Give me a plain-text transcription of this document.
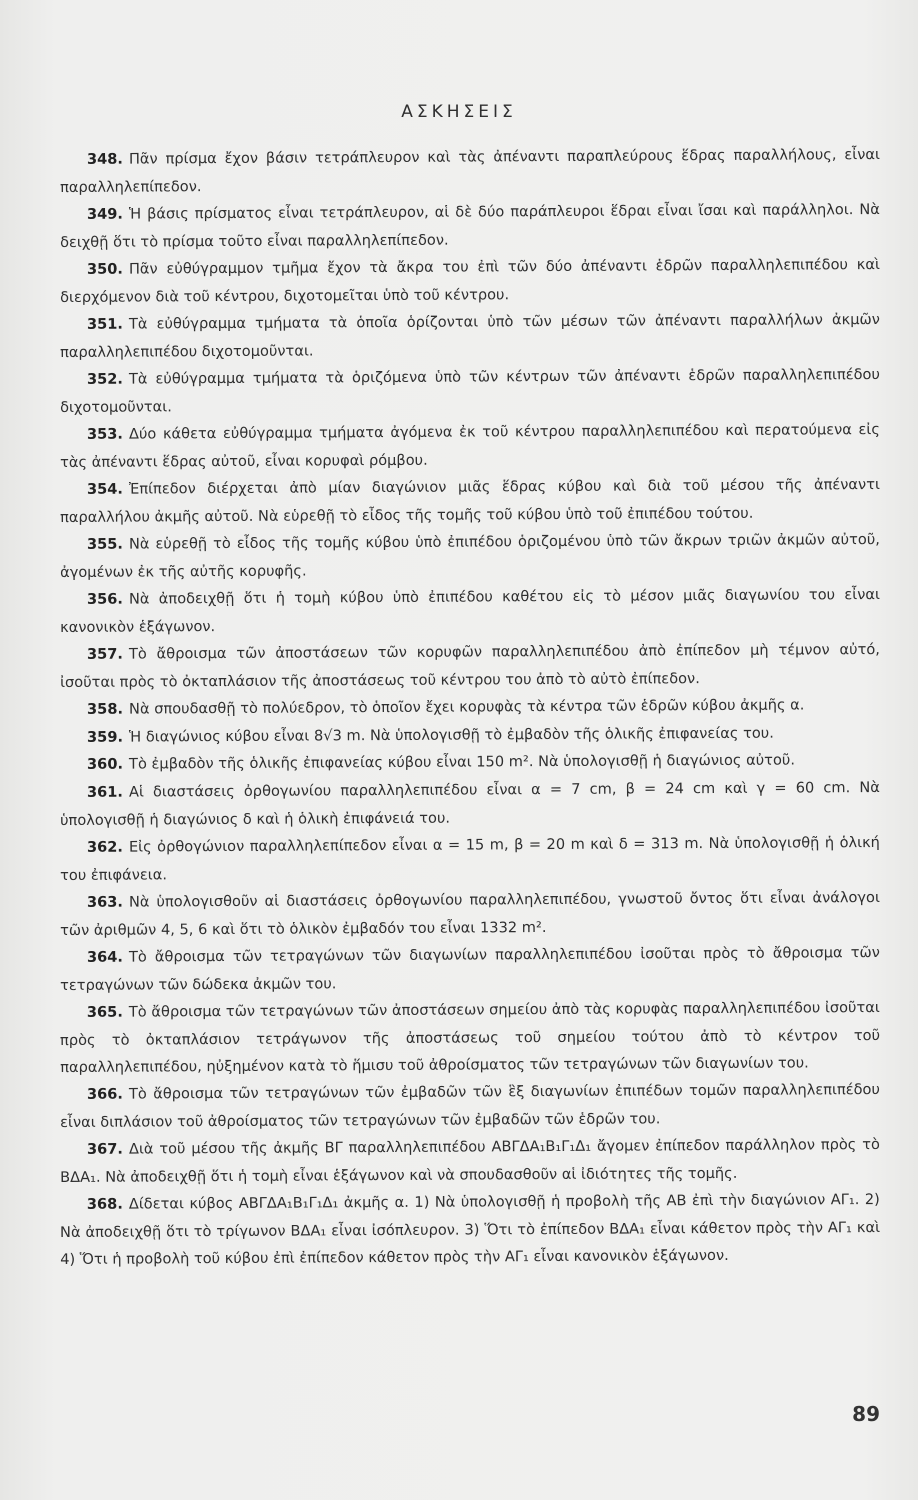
ΑΣΚΗΣΕΙΣ

348. Πᾶν πρίσμα ἔχον βάσιν τετράπλευρον καὶ τὰς ἀπέναντι παραπλεύρους ἕδρας παραλλήλους, εἶναι παραλληλεπίπεδον.

349. Ἡ βάσις πρίσματος εἶναι τετράπλευρον, αἱ δὲ δύο παράπλευροι ἕδραι εἶναι ἴσαι καὶ παράλληλοι. Νὰ δειχθῇ ὅτι τὸ πρίσμα τοῦτο εἶναι παραλληλεπίπεδον.

350. Πᾶν εὐθύγραμμον τμῆμα ἔχον τὰ ἄκρα του ἐπὶ τῶν δύο ἀπέναντι ἑδρῶν παραλληλεπιπέδου καὶ διερχόμενον διὰ τοῦ κέντρου, διχοτομεῖται ὑπὸ τοῦ κέντρου.

351. Τὰ εὐθύγραμμα τμήματα τὰ ὁποῖα ὁρίζονται ὑπὸ τῶν μέσων τῶν ἀπέναντι παραλλήλων ἀκμῶν παραλληλεπιπέδου διχοτομοῦνται.

352. Τὰ εὐθύγραμμα τμήματα τὰ ὁριζόμενα ὑπὸ τῶν κέντρων τῶν ἀπέναντι ἑδρῶν παραλληλεπιπέδου διχοτομοῦνται.

353. Δύο κάθετα εὐθύγραμμα τμήματα ἀγόμενα ἐκ τοῦ κέντρου παραλληλεπιπέδου καὶ περατούμενα εἰς τὰς ἀπέναντι ἕδρας αὐτοῦ, εἶναι κορυφαὶ ρόμβου.

354. Ἐπίπεδον διέρχεται ἀπὸ μίαν διαγώνιον μιᾶς ἕδρας κύβου καὶ διὰ τοῦ μέσου τῆς ἀπέναντι παραλλήλου ἀκμῆς αὐτοῦ. Νὰ εὑρεθῇ τὸ εἶδος τῆς τομῆς τοῦ κύβου ὑπὸ τοῦ ἐπιπέδου τούτου.

355. Νὰ εὑρεθῇ τὸ εἶδος τῆς τομῆς κύβου ὑπὸ ἐπιπέδου ὁριζομένου ὑπὸ τῶν ἄκρων τριῶν ἀκμῶν αὐτοῦ, ἀγομένων ἐκ τῆς αὐτῆς κορυφῆς.

356. Νὰ ἀποδειχθῇ ὅτι ἡ τομὴ κύβου ὑπὸ ἐπιπέδου καθέτου εἰς τὸ μέσον μιᾶς διαγωνίου του εἶναι κανονικὸν ἑξάγωνον.

357. Τὸ ἄθροισμα τῶν ἀποστάσεων τῶν κορυφῶν παραλληλεπιπέδου ἀπὸ ἐπίπεδον μὴ τέμνον αὐτό, ἰσοῦται πρὸς τὸ ὀκταπλάσιον τῆς ἀποστάσεως τοῦ κέντρου του ἀπὸ τὸ αὐτὸ ἐπίπεδον.

358. Νὰ σπουδασθῇ τὸ πολύεδρον, τὸ ὁποῖον ἔχει κορυφὰς τὰ κέντρα τῶν ἑδρῶν κύβου ἀκμῆς α.

359. Ἡ διαγώνιος κύβου εἶναι 8√3 m. Νὰ ὑπολογισθῇ τὸ ἐμβαδὸν τῆς ὁλικῆς ἐπιφανείας του.

360. Τὸ ἐμβαδὸν τῆς ὁλικῆς ἐπιφανείας κύβου εἶναι 150 m². Νὰ ὑπολογισθῇ ἡ διαγώνιος αὐτοῦ.

361. Αἱ διαστάσεις ὀρθογωνίου παραλληλεπιπέδου εἶναι α = 7 cm, β = 24 cm καὶ γ = 60 cm. Νὰ ὑπολογισθῇ ἡ διαγώνιος δ καὶ ἡ ὁλικὴ ἐπιφάνειά του.

362. Εἰς ὀρθογώνιον παραλληλεπίπεδον εἶναι α = 15 m, β = 20 m καὶ δ = 313 m. Νὰ ὑπολογισθῇ ἡ ὁλική του ἐπιφάνεια.

363. Νὰ ὑπολογισθοῦν αἱ διαστάσεις ὀρθογωνίου παραλληλεπιπέδου, γνωστοῦ ὄντος ὅτι εἶναι ἀνάλογοι τῶν ἀριθμῶν 4, 5, 6 καὶ ὅτι τὸ ὁλικὸν ἐμβαδόν του εἶναι 1332 m².

364. Τὸ ἄθροισμα τῶν τετραγώνων τῶν διαγωνίων παραλληλεπιπέδου ἰσοῦται πρὸς τὸ ἄθροισμα τῶν τετραγώνων τῶν δώδεκα ἀκμῶν του.

365. Τὸ ἄθροισμα τῶν τετραγώνων τῶν ἀποστάσεων σημείου ἀπὸ τὰς κορυφὰς παραλληλεπιπέδου ἰσοῦται πρὸς τὸ ὀκταπλάσιον τετράγωνον τῆς ἀποστάσεως τοῦ σημείου τούτου ἀπὸ τὸ κέντρον τοῦ παραλληλεπιπέδου, ηὐξημένον κατὰ τὸ ἥμισυ τοῦ ἀθροίσματος τῶν τετραγώνων τῶν διαγωνίων του.

366. Τὸ ἄθροισμα τῶν τετραγώνων τῶν ἐμβαδῶν τῶν ἓξ διαγωνίων ἐπιπέδων τομῶν παραλληλεπιπέδου εἶναι διπλάσιον τοῦ ἀθροίσματος τῶν τετραγώνων τῶν ἐμβαδῶν τῶν ἑδρῶν του.

367. Διὰ τοῦ μέσου τῆς ἀκμῆς ΒΓ παραλληλεπιπέδου ΑΒΓΔΑ₁Β₁Γ₁Δ₁ ἄγομεν ἐπίπεδον παράλληλον πρὸς τὸ ΒΔΑ₁. Νὰ ἀποδειχθῇ ὅτι ἡ τομὴ εἶναι ἑξάγωνον καὶ νὰ σπουδασθοῦν αἱ ἰδιότητες τῆς τομῆς.

368. Δίδεται κύβος ΑΒΓΔΑ₁Β₁Γ₁Δ₁ ἀκμῆς α. 1) Νὰ ὑπολογισθῇ ἡ προβολὴ τῆς ΑΒ ἐπὶ τὴν διαγώνιον ΑΓ₁. 2) Νὰ ἀποδειχθῇ ὅτι τὸ τρίγωνον ΒΔΑ₁ εἶναι ἰσόπλευρον. 3) Ὅτι τὸ ἐπίπεδον ΒΔΑ₁ εἶναι κάθετον πρὸς τὴν ΑΓ₁ καὶ 4) Ὅτι ἡ προβολὴ τοῦ κύβου ἐπὶ ἐπίπεδον κάθετον πρὸς τὴν ΑΓ₁ εἶναι κανονικὸν ἑξάγωνον.

89
